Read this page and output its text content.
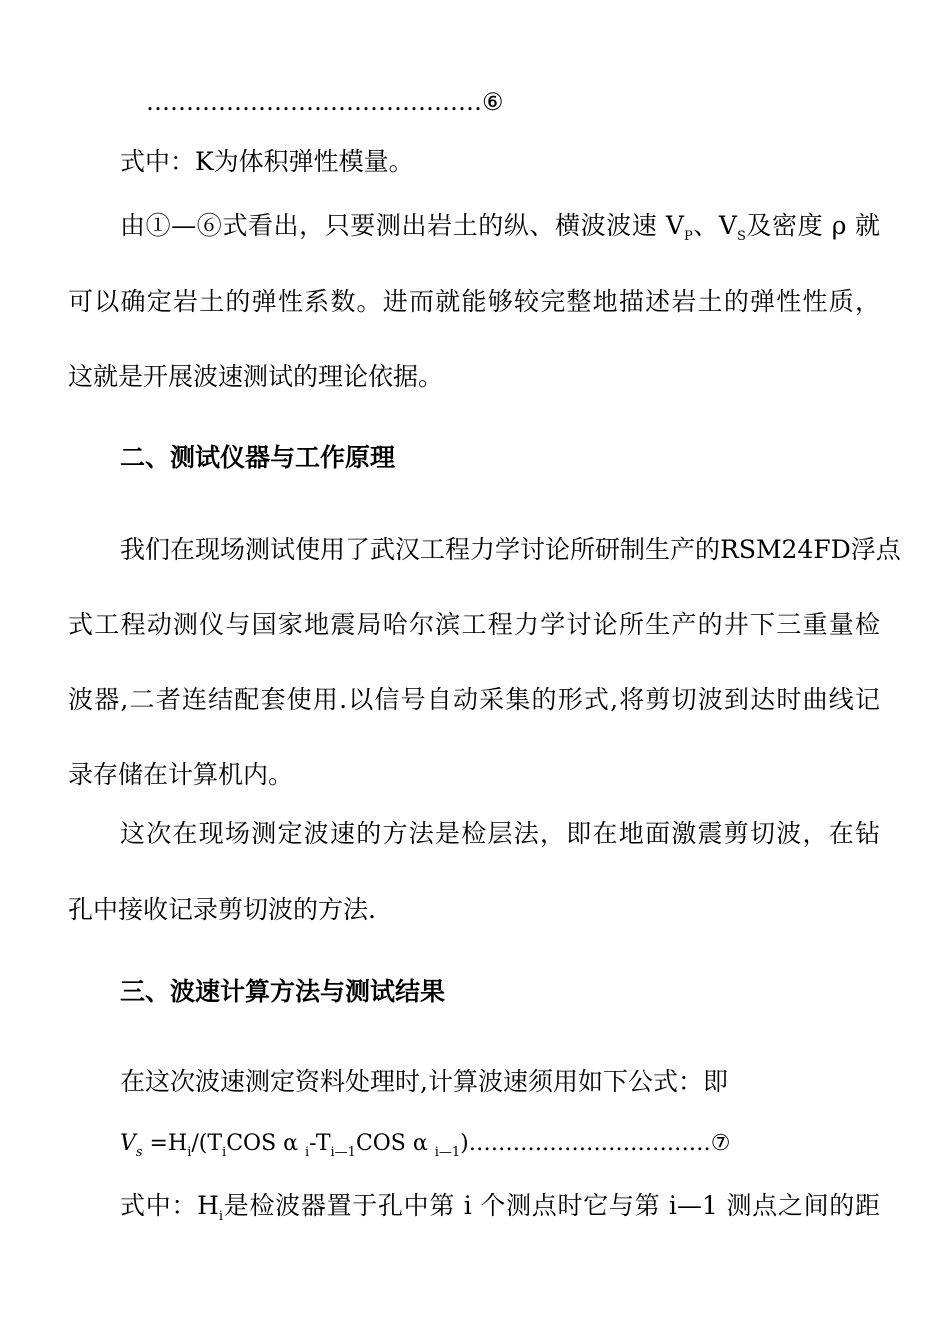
……………………………………⑥
式中：K为体积弹性模量。
由①—⑥式看出，只要测出岩土的纵、横波波速 $V_P$、$V_S$及密度 ρ 就
可以确定岩土的弹性系数。进而就能够较完整地描述岩土的弹性性质，
这就是开展波速测试的理论依据。
二、测试仪器与工作原理
我们在现场测试使用了武汉工程力学讨论所研制生产的RSM24FD浮点
式工程动测仪与国家地震局哈尔滨工程力学讨论所生产的井下三重量检
波器,二者连结配套使用.以信号自动采集的形式,将剪切波到达时曲线记
录存储在计算机内。
这次在现场测定波速的方法是检层法，即在地面激震剪切波，在钻
孔中接收记录剪切波的方法.
三、波速计算方法与测试结果
在这次波速测定资料处理时,计算波速须用如下公式：即
$V_s =H_i/(T_iCOS$ α $_i-T_{i—1}COS$ α $_{i—1}$)……………………………⑦
式中：$H_i$是检波器置于孔中第 i 个测点时它与第 i—1 测点之间的距
